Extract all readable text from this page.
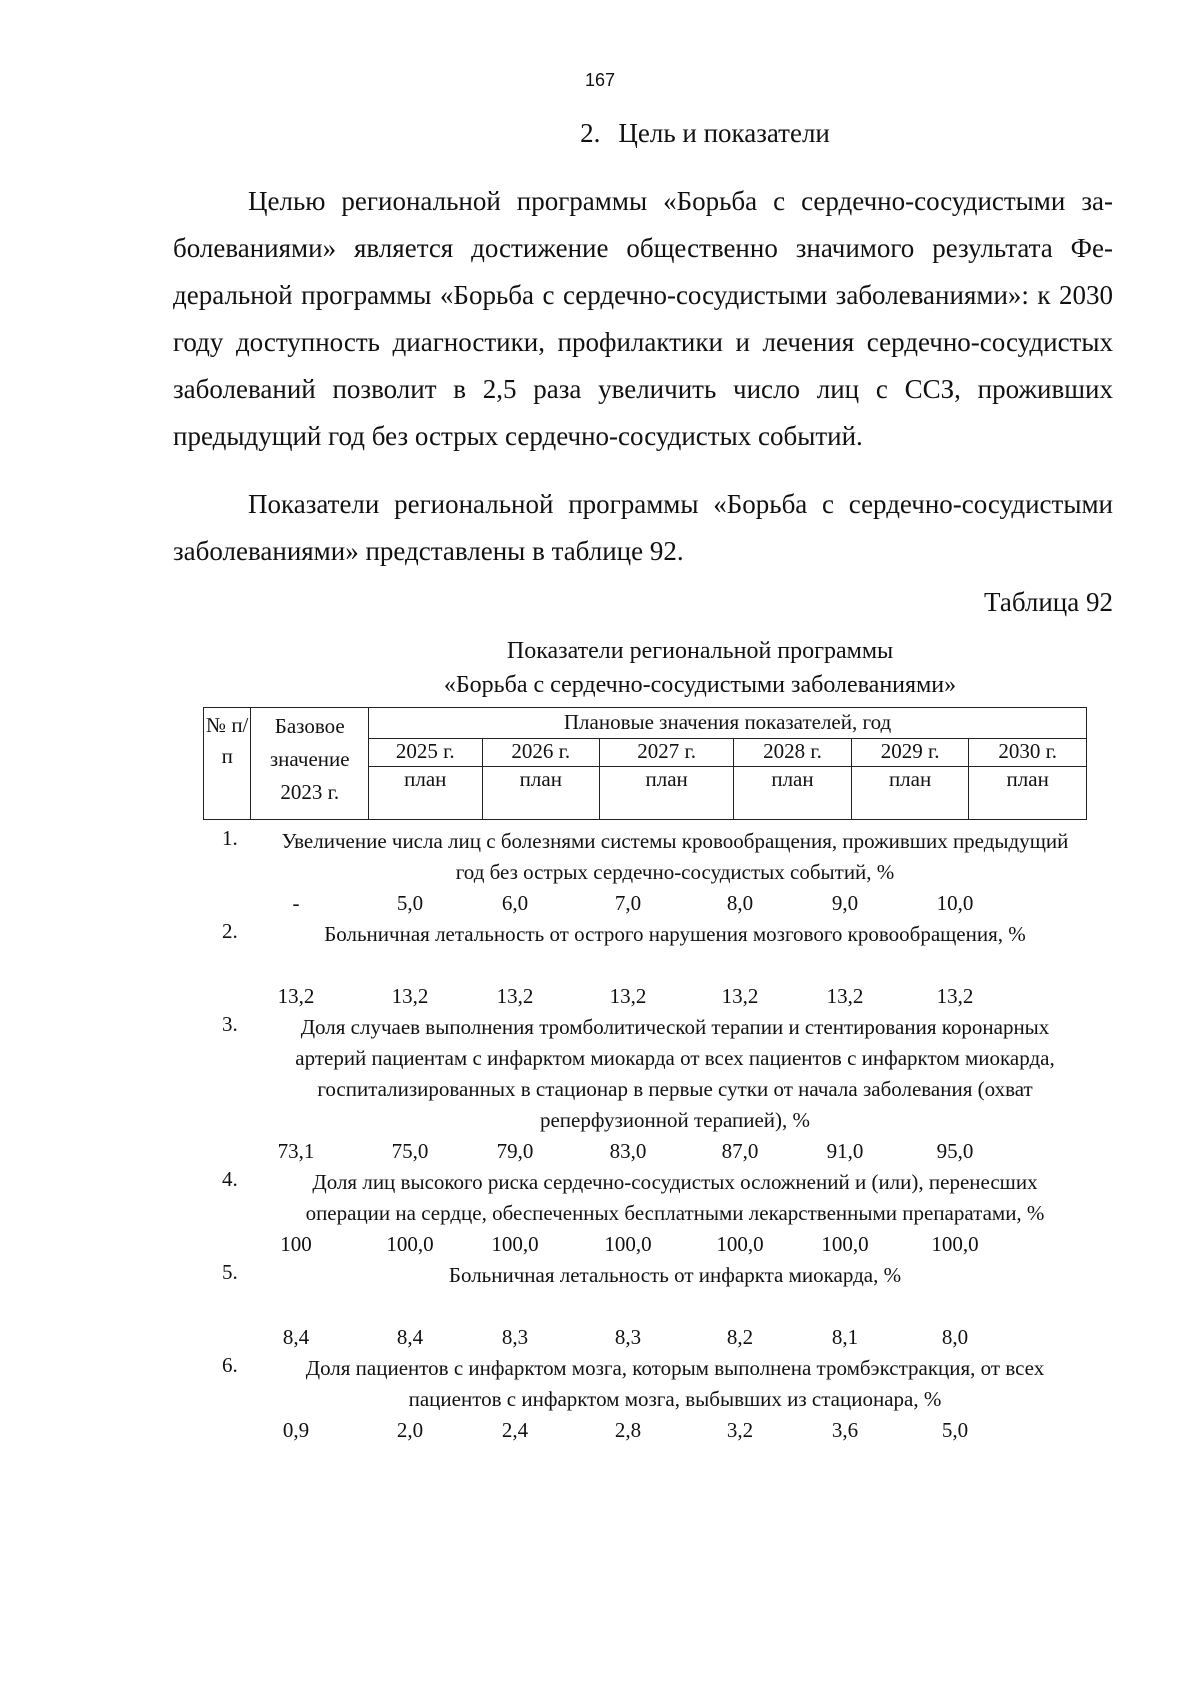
167
2. Цель и показатели
Целью региональной программы «Борьба с сердечно-сосудистыми заболеваниями» является достижение общественно значимого результата Федеральной программы «Борьба с сердечно-сосудистыми заболеваниями»: к 2030 году доступность диагностики, профилактики и лечения сердечно-сосудистых заболеваний позволит в 2,5 раза увеличить число лиц с ССЗ, проживших предыдущий год без острых сердечно-сосудистых событий.
Показатели региональной программы «Борьба с сердечно-сосудистыми заболеваниями» представлены в таблице 92.
Таблица 92
Показатели региональной программы
«Борьба с сердечно-сосудистыми заболеваниями»
№ п/п	Базовое значение 2023 г.	Плановые значения показателей, год					
		2025 г.	2026 г.	2027 г.	2028 г.	2029 г.	2030 г.
		план	план	план	план	план	план
1.	Увеличение числа лиц с болезнями системы кровообращения, проживших предыдущий год без острых сердечно-сосудистых событий, %
-	5,0	6,0	7,0	8,0	9,0	10,0
2.	Больничная летальность от острого нарушения мозгового кровообращения, %
13,2	13,2	13,2	13,2	13,2	13,2	13,2
3.	Доля случаев выполнения тромболитической терапии и стентирования коронарных артерий пациентам с инфарктом миокарда от всех пациентов с инфарктом миокарда, госпитализированных в стационар в первые сутки от начала заболевания (охват реперфузионной терапией), %
73,1	75,0	79,0	83,0	87,0	91,0	95,0
4.	Доля лиц высокого риска сердечно-сосудистых осложнений и (или), перенесших операции на сердце, обеспеченных бесплатными лекарственными препаратами, %
100	100,0	100,0	100,0	100,0	100,0	100,0
5.	Больничная летальность от инфаркта миокарда, %
8,4	8,4	8,3	8,3	8,2	8,1	8,0
6.	Доля пациентов с инфарктом мозга, которым выполнена тромбэкстракция, от всех пациентов с инфарктом мозга, выбывших из стационара, %
0,9	2,0	2,4	2,8	3,2	3,6	5,0
